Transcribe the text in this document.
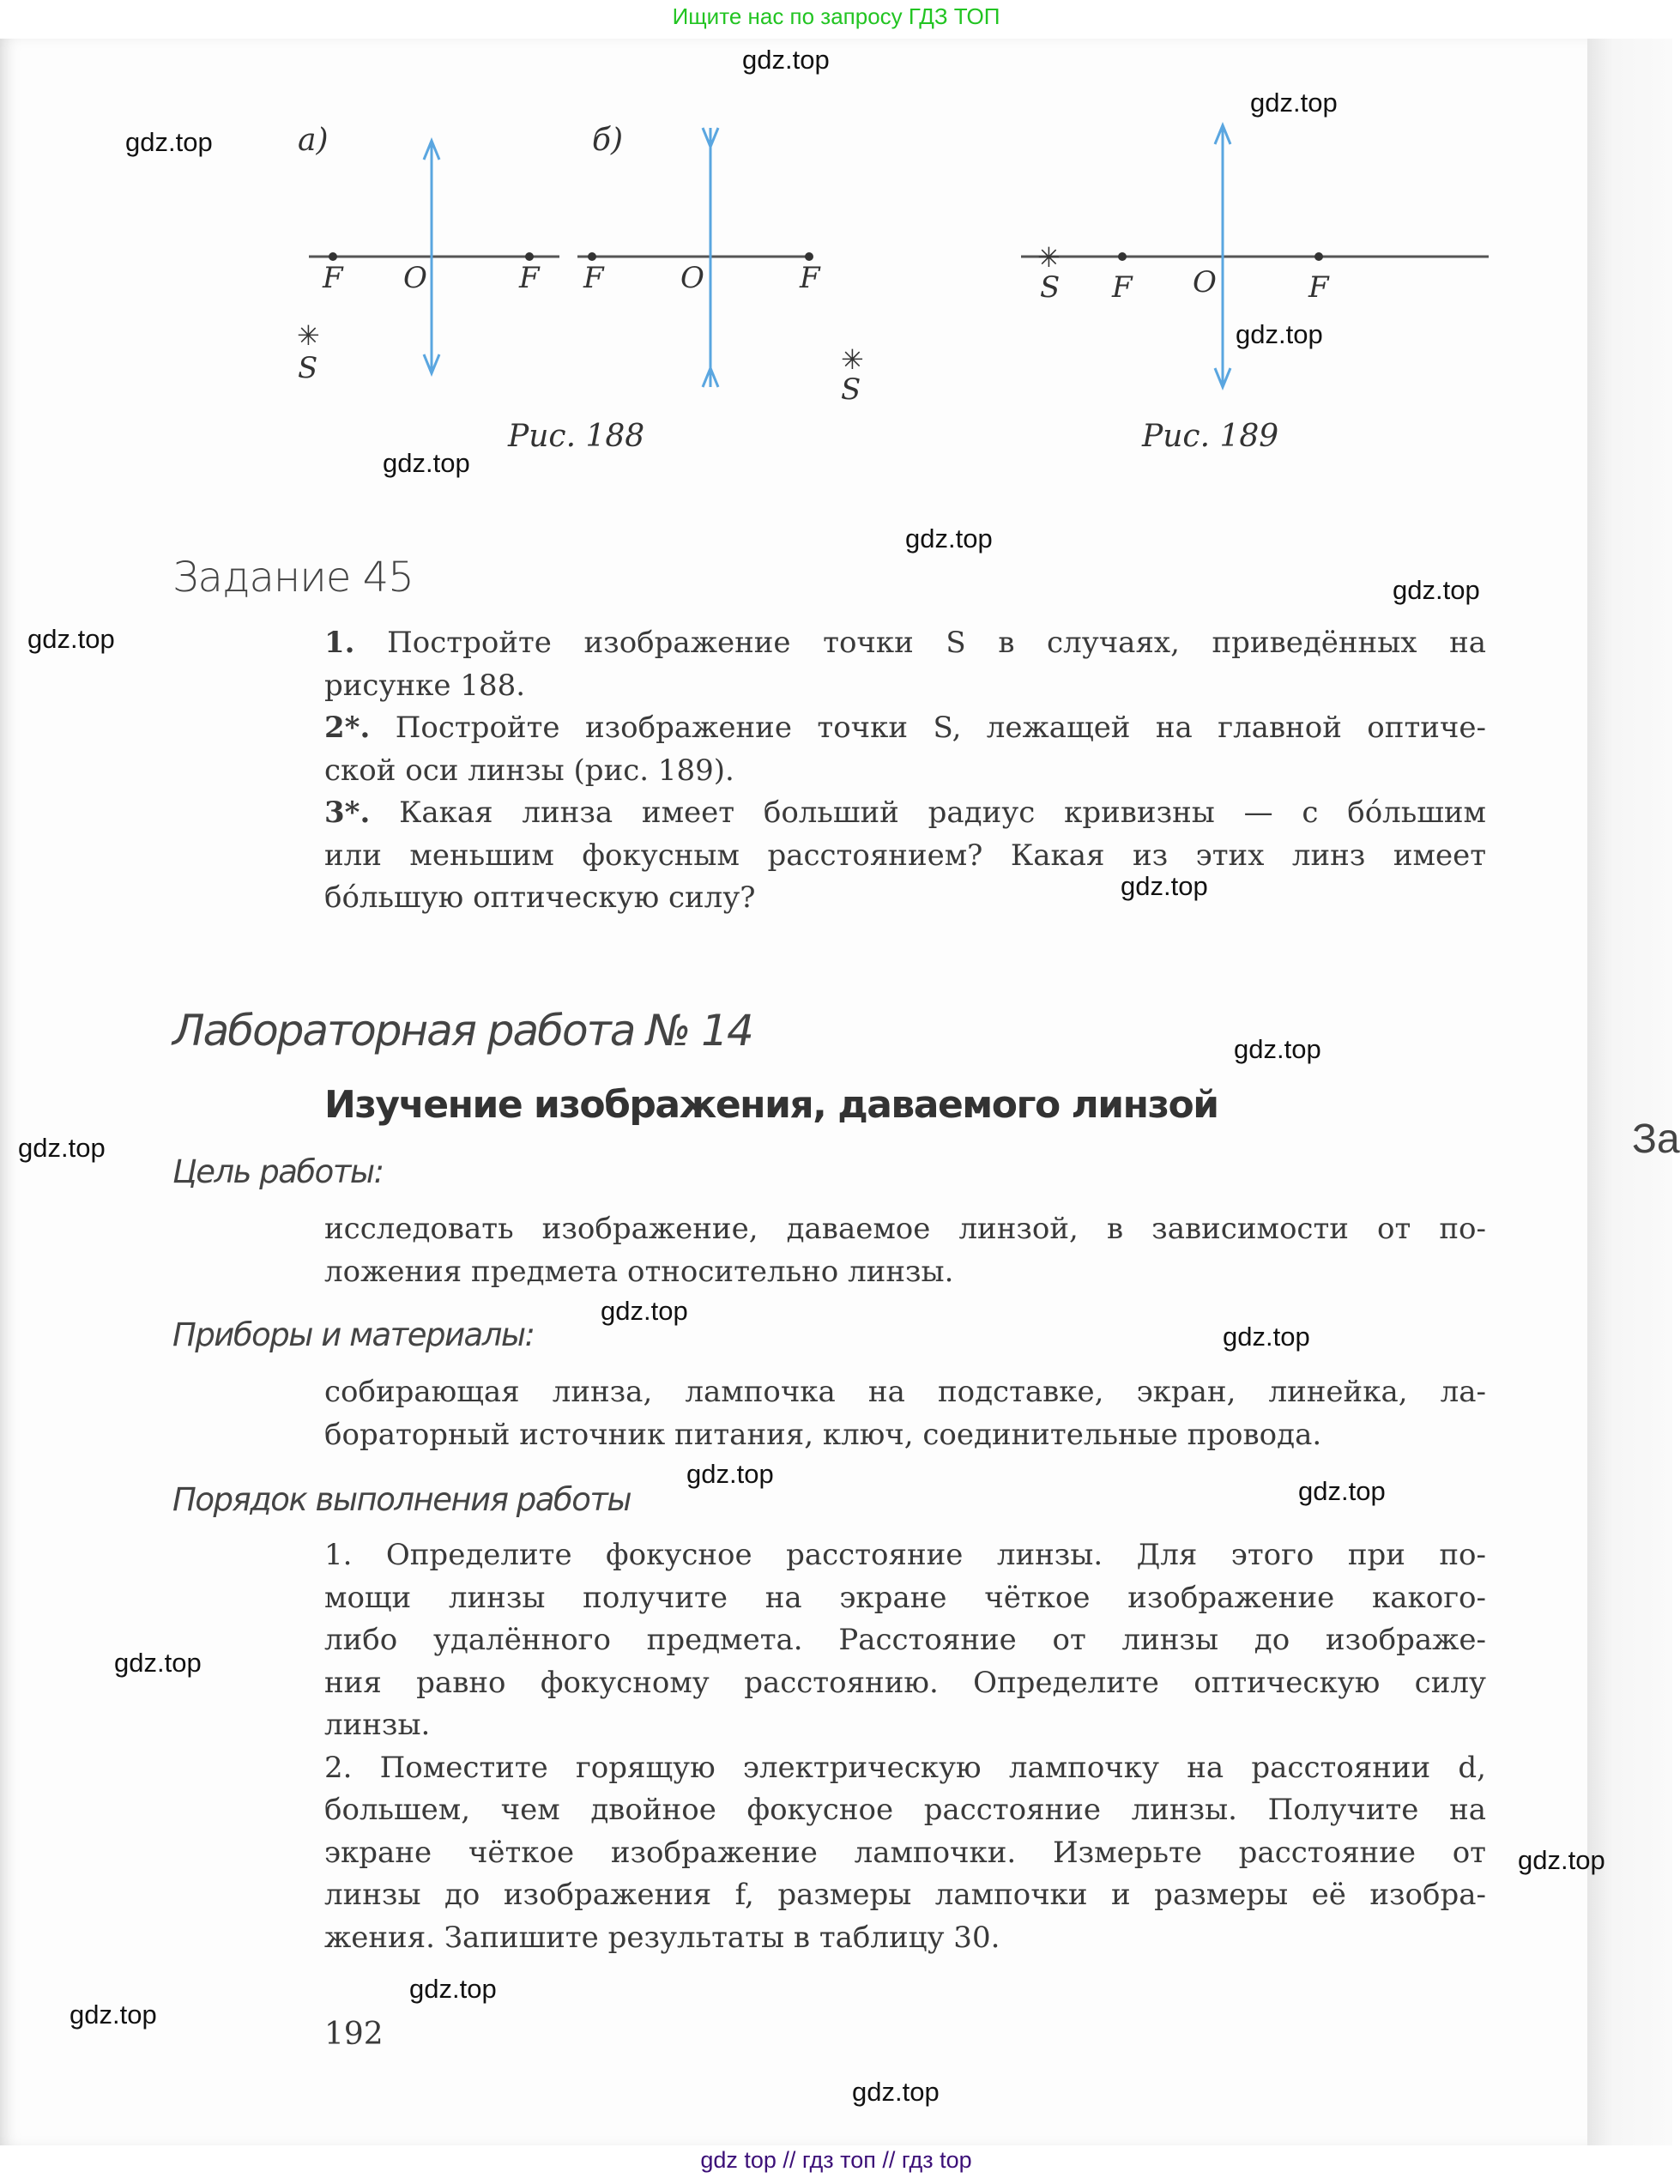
За
Ищите нас по запросу ГДЗ ТОП
а)
F O	F
✳
S
б)
F	O	F
✳
S
Рис. 188
✳
S F O	F
Рис. 189
Задание 45
1. Постройте изображение точки S в случаях, приведённых на
рисунке 188.
2*. Постройте изображение точки S, лежащей на главной оптиче-
ской оси линзы (рис. 189).
3*. Какая линза имеет больший радиус кривизны — с бо́льшим
или меньшим фокусным расстоянием? Какая из этих линз имеет
бо́льшую оптическую силу?
Лабораторная работа № 14
Изучение изображения, даваемого линзой
Цель работы:
исследовать изображение, даваемое линзой, в зависимости от по-
ложения предмета относительно линзы.
Приборы и материалы:
собирающая линза, лампочка на подставке, экран, линейка, ла-
бораторный источник питания, ключ, соединительные провода.
Порядок выполнения работы
1. Определите фокусное расстояние линзы. Для этого при по-
мощи линзы получите на экране чёткое изображение какого-
либо удалённого предмета. Расстояние от линзы до изображе-
ния равно фокусному расстоянию. Определите оптическую силу
линзы.
2. Поместите горящую электрическую лампочку на расстоянии d,
большем, чем двойное фокусное расстояние линзы. Получите на
экране чёткое изображение лампочки. Измерьте расстояние от
линзы до изображения f, размеры лампочки и размеры её изобра-
жения. Запишите результаты в таблицу 30.
192
gdz top // гдз топ // гдз top
gdz.top
gdz.top
gdz.top
gdz.top
gdz.top
gdz.top
gdz.top
gdz.top
gdz.top
gdz.top
gdz.top
gdz.top
gdz.top
gdz.top
gdz.top
gdz.top
gdz.top
gdz.top
gdz.top
gdz.top
